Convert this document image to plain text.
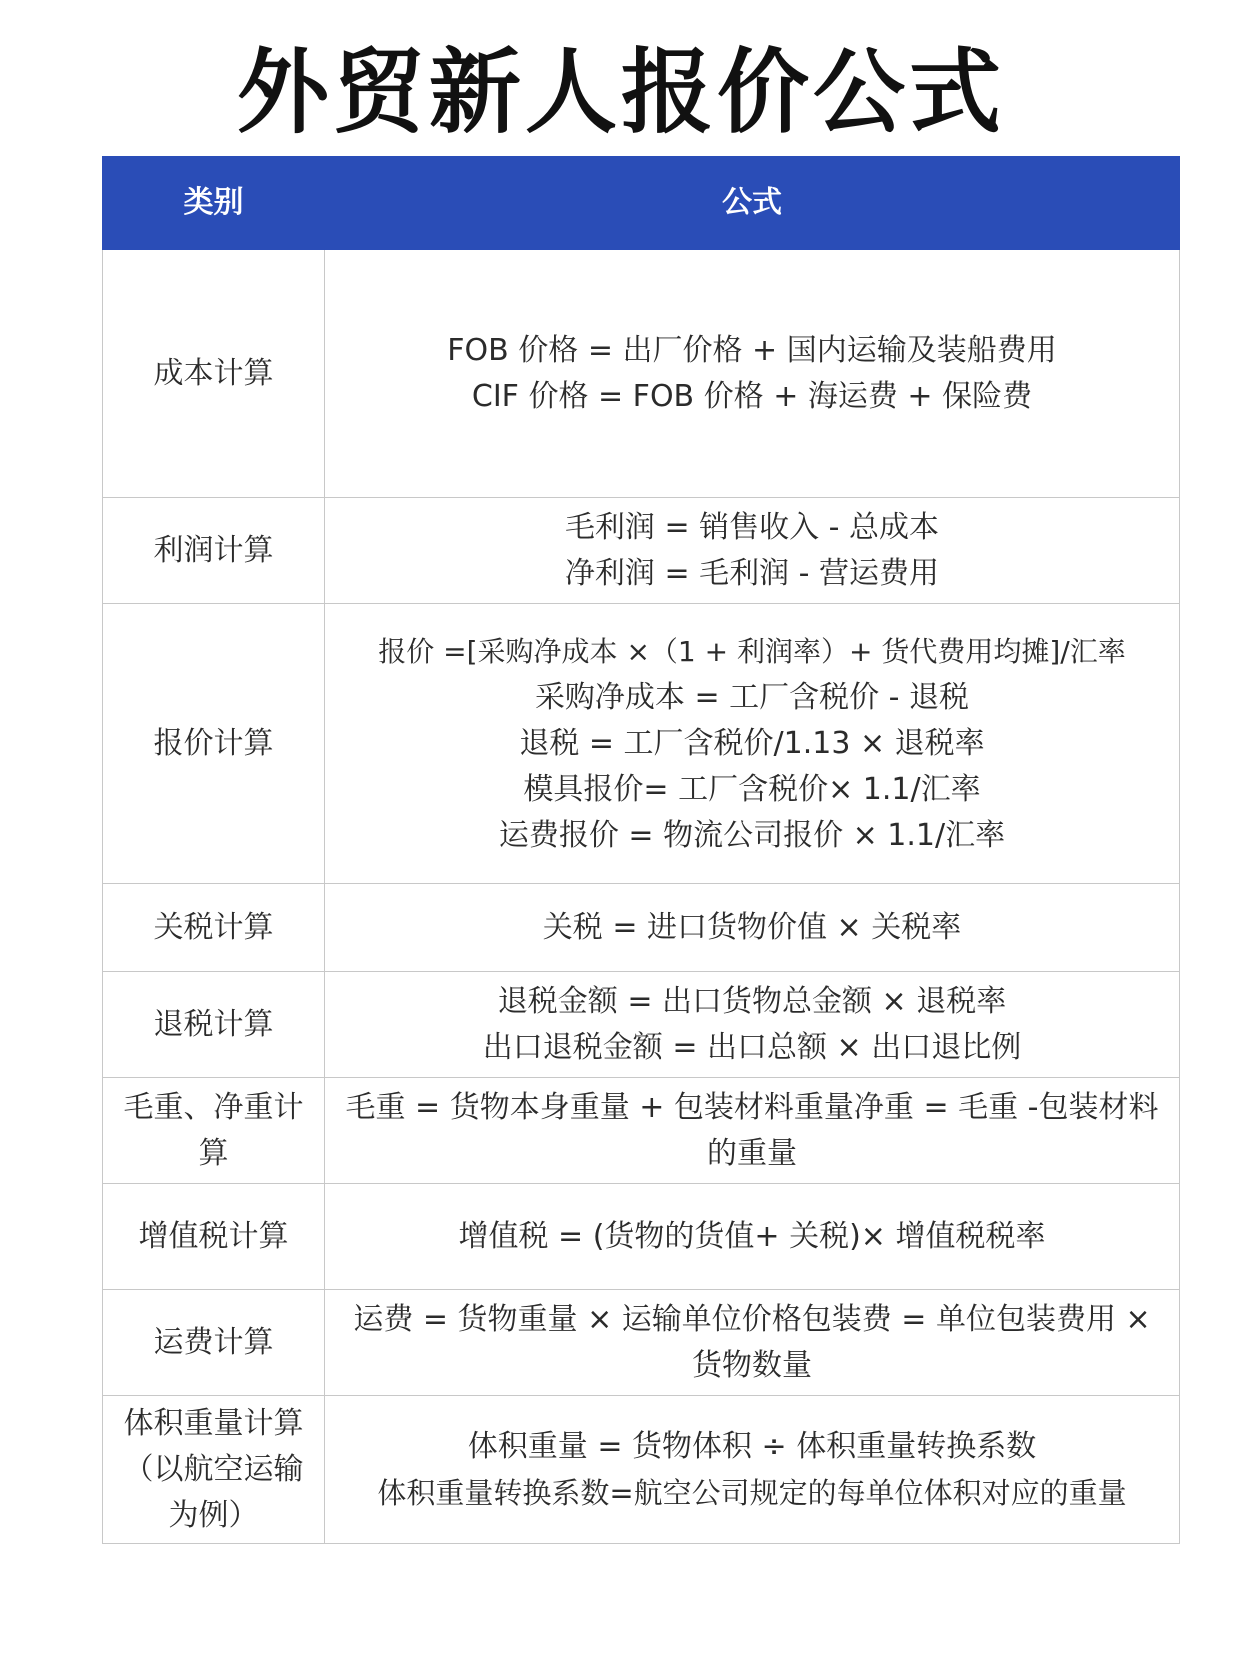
外贸新人报价公式
类别	公式
成本计算	FOB 价格 = 出厂价格 + 国内运输及装船费用
CIF 价格 = FOB 价格 + 海运费 + 保险费

利润计算	毛利润 = 销售收入 - 总成本
净利润 = 毛利润 - 营运费用

报价计算	报价 =[采购净成本 ×（1 + 利润率）+ 货代费用均摊]/汇率
采购净成本 = 工厂含税价 - 退税
退税 = 工厂含税价/1.13 × 退税率
模具报价= 工厂含税价× 1.1/汇率
运费报价 = 物流公司报价 × 1.1/汇率

关税计算	关税 = 进口货物价值 × 关税率

退税计算	退税金额 = 出口货物总金额 × 退税率
出口退税金额 = 出口总额 × 出口退比例

毛重、净重计算	毛重 = 货物本身重量 + 包装材料重量净重 = 毛重 -包装材料的重量
增值税计算	增值税 = (货物的货值+ 关税)× 增值税税率

运费计算	运费 = 货物重量 × 运输单位价格包装费 = 单位包装费用 × 货物数量
体积重量计算（以航空运输为例）	体积重量 = 货物体积 ÷ 体积重量转换系数
体积重量转换系数=航空公司规定的每单位体积对应的重量
